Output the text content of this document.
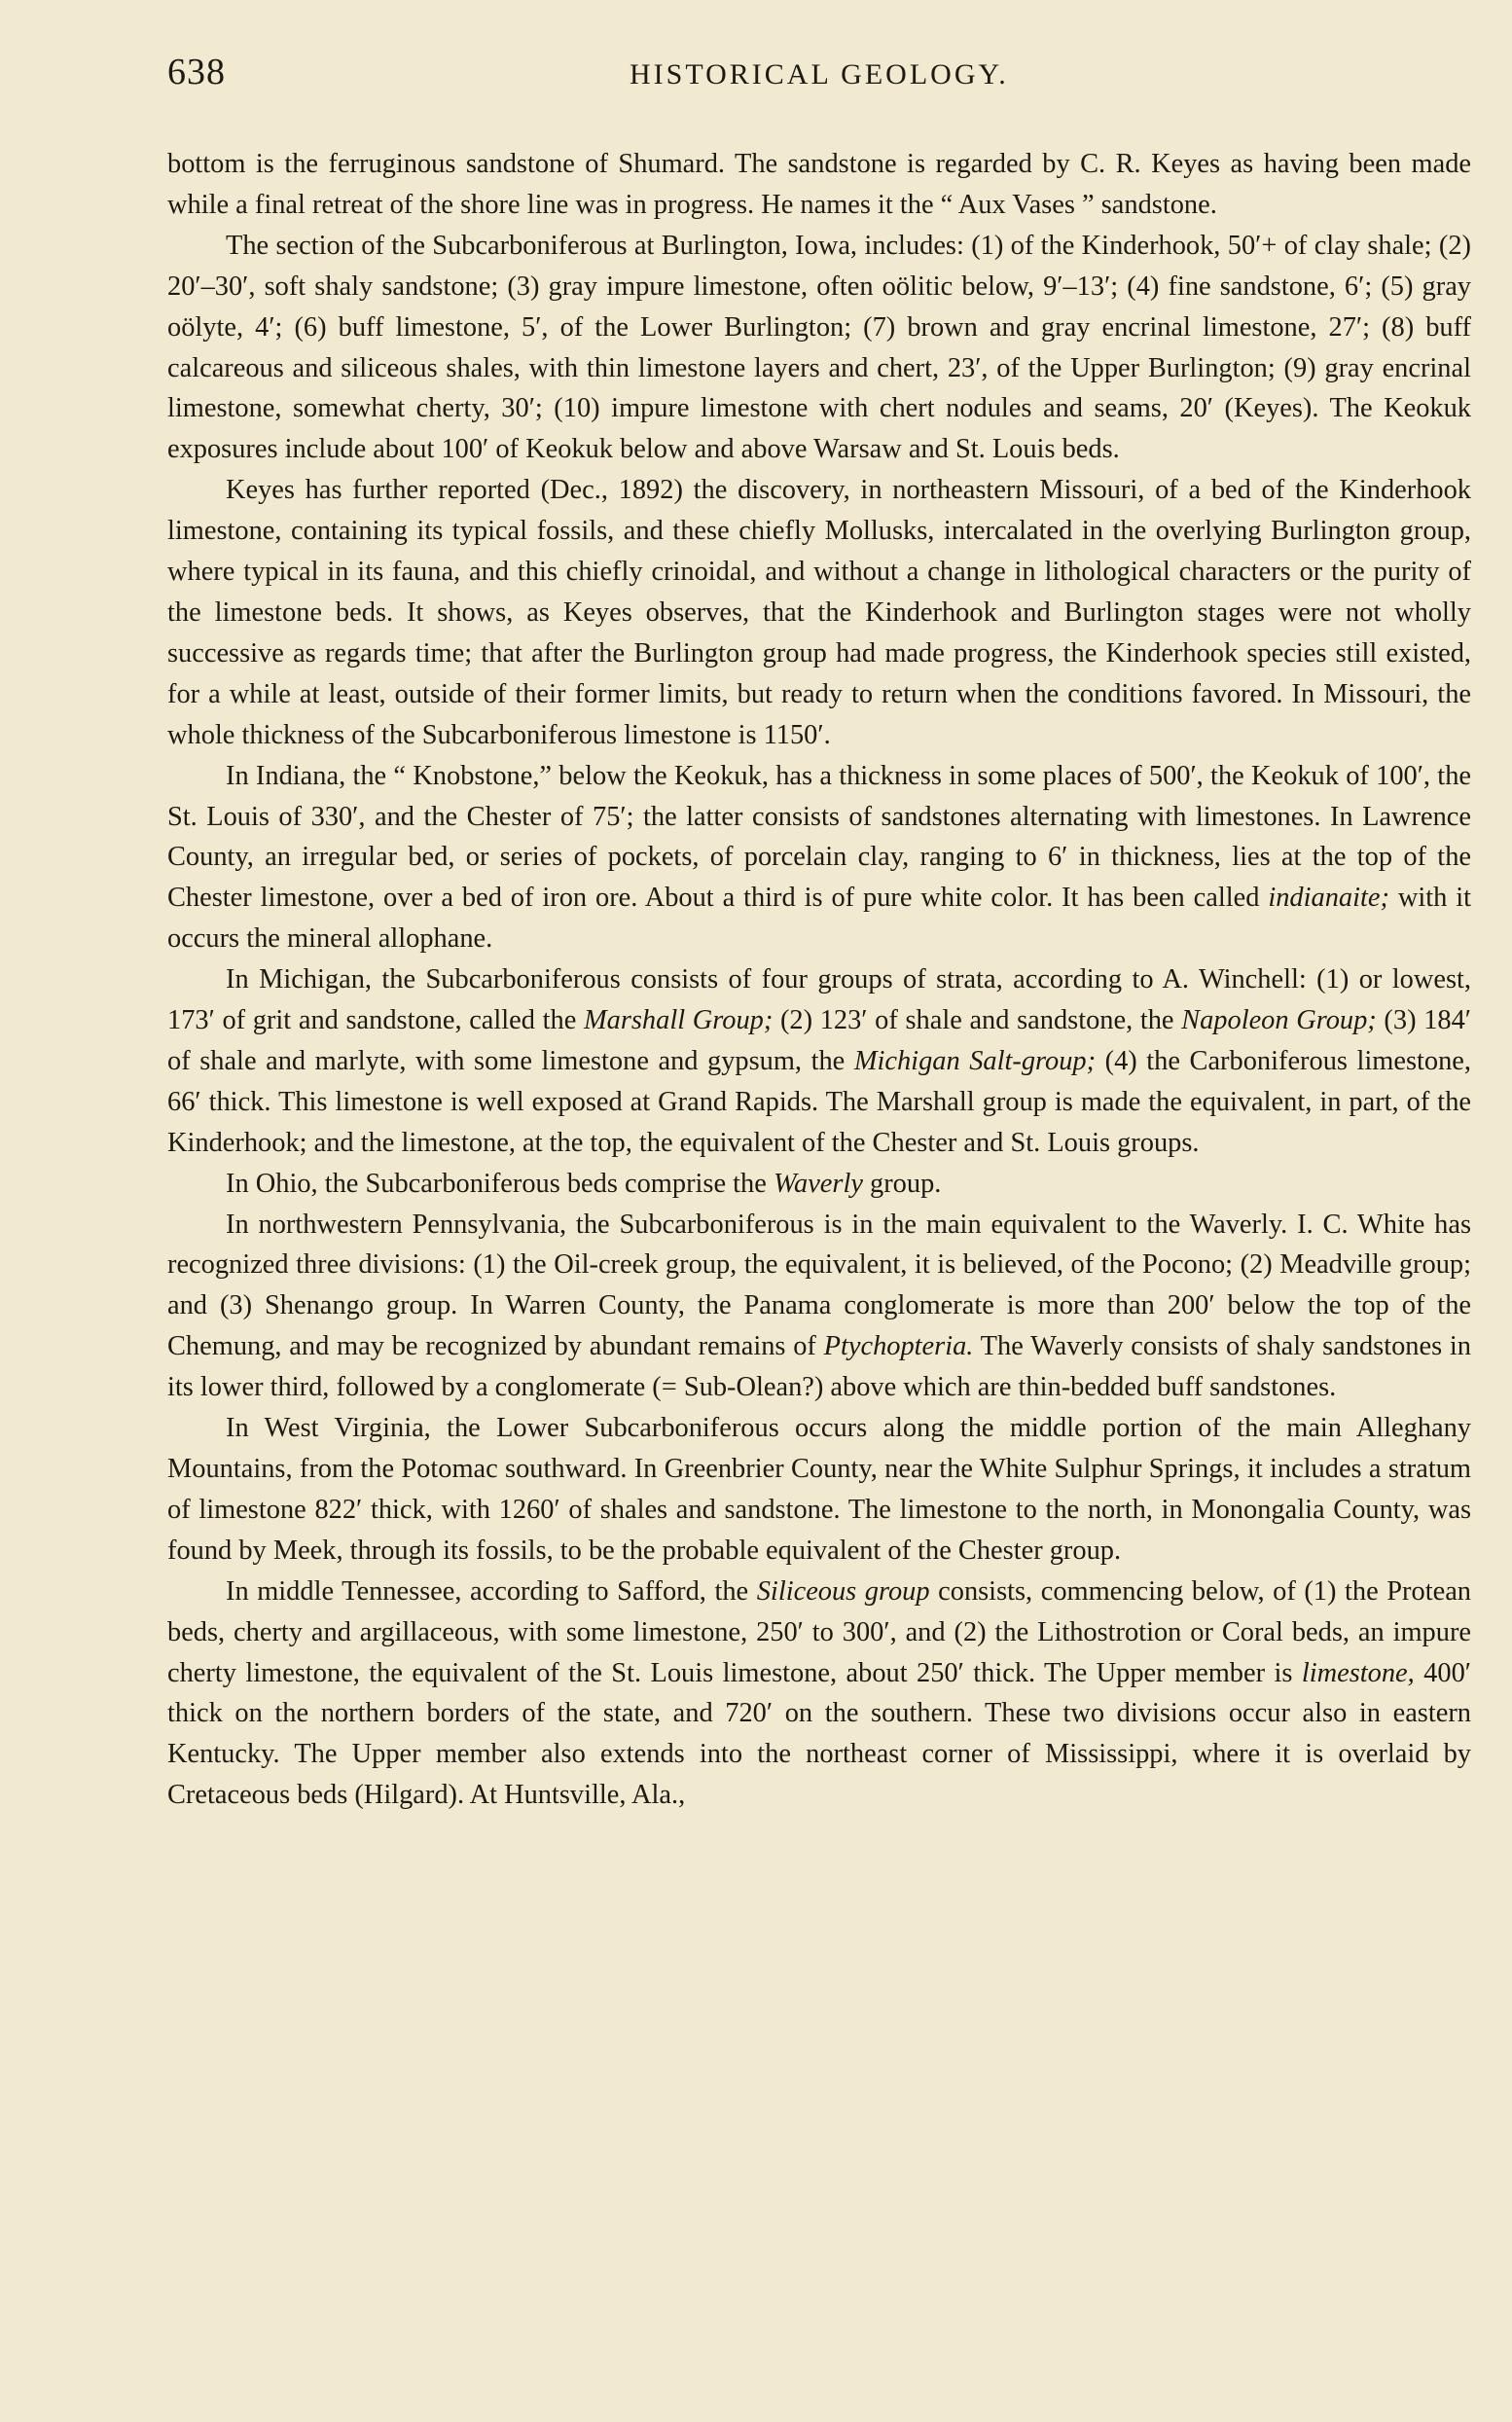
638	HISTORICAL GEOLOGY.

bottom is the ferruginous sandstone of Shumard. The sandstone is regarded by C. R. Keyes as having been made while a final retreat of the shore line was in progress. He names it the “ Aux Vases ” sandstone.

The section of the Subcarboniferous at Burlington, Iowa, includes: (1) of the Kinderhook, 50′+ of clay shale; (2) 20′–30′, soft shaly sandstone; (3) gray impure limestone, often oölitic below, 9′–13′; (4) fine sandstone, 6′; (5) gray oölyte, 4′; (6) buff limestone, 5′, of the Lower Burlington; (7) brown and gray encrinal limestone, 27′; (8) buff calcareous and siliceous shales, with thin limestone layers and chert, 23′, of the Upper Burlington; (9) gray encrinal limestone, somewhat cherty, 30′; (10) impure limestone with chert nodules and seams, 20′ (Keyes). The Keokuk exposures include about 100′ of Keokuk below and above Warsaw and St. Louis beds.

Keyes has further reported (Dec., 1892) the discovery, in northeastern Missouri, of a bed of the Kinderhook limestone, containing its typical fossils, and these chiefly Mollusks, intercalated in the overlying Burlington group, where typical in its fauna, and this chiefly crinoidal, and without a change in lithological characters or the purity of the limestone beds. It shows, as Keyes observes, that the Kinderhook and Burlington stages were not wholly successive as regards time; that after the Burlington group had made progress, the Kinderhook species still existed, for a while at least, outside of their former limits, but ready to return when the conditions favored. In Missouri, the whole thickness of the Subcarboniferous limestone is 1150′.

In Indiana, the “ Knobstone,” below the Keokuk, has a thickness in some places of 500′, the Keokuk of 100′, the St. Louis of 330′, and the Chester of 75′; the latter consists of sandstones alternating with limestones. In Lawrence County, an irregular bed, or series of pockets, of porcelain clay, ranging to 6′ in thickness, lies at the top of the Chester limestone, over a bed of iron ore. About a third is of pure white color. It has been called indianaite; with it occurs the mineral allophane.

In Michigan, the Subcarboniferous consists of four groups of strata, according to A. Winchell: (1) or lowest, 173′ of grit and sandstone, called the Marshall Group; (2) 123′ of shale and sandstone, the Napoleon Group; (3) 184′ of shale and marlyte, with some limestone and gypsum, the Michigan Salt-group; (4) the Carboniferous limestone, 66′ thick. This limestone is well exposed at Grand Rapids. The Marshall group is made the equivalent, in part, of the Kinderhook; and the limestone, at the top, the equivalent of the Chester and St. Louis groups.

In Ohio, the Subcarboniferous beds comprise the Waverly group.

In northwestern Pennsylvania, the Subcarboniferous is in the main equivalent to the Waverly. I. C. White has recognized three divisions: (1) the Oil-creek group, the equivalent, it is believed, of the Pocono; (2) Meadville group; and (3) Shenango group. In Warren County, the Panama conglomerate is more than 200′ below the top of the Chemung, and may be recognized by abundant remains of Ptychopteria. The Waverly consists of shaly sandstones in its lower third, followed by a conglomerate (= Sub-Olean?) above which are thin-bedded buff sandstones.

In West Virginia, the Lower Subcarboniferous occurs along the middle portion of the main Alleghany Mountains, from the Potomac southward. In Greenbrier County, near the White Sulphur Springs, it includes a stratum of limestone 822′ thick, with 1260′ of shales and sandstone. The limestone to the north, in Monongalia County, was found by Meek, through its fossils, to be the probable equivalent of the Chester group.

In middle Tennessee, according to Safford, the Siliceous group consists, commencing below, of (1) the Protean beds, cherty and argillaceous, with some limestone, 250′ to 300′, and (2) the Lithostrotion or Coral beds, an impure cherty limestone, the equivalent of the St. Louis limestone, about 250′ thick. The Upper member is limestone, 400′ thick on the northern borders of the state, and 720′ on the southern. These two divisions occur also in eastern Kentucky. The Upper member also extends into the northeast corner of Mississippi, where it is overlaid by Cretaceous beds (Hilgard). At Huntsville, Ala.,
